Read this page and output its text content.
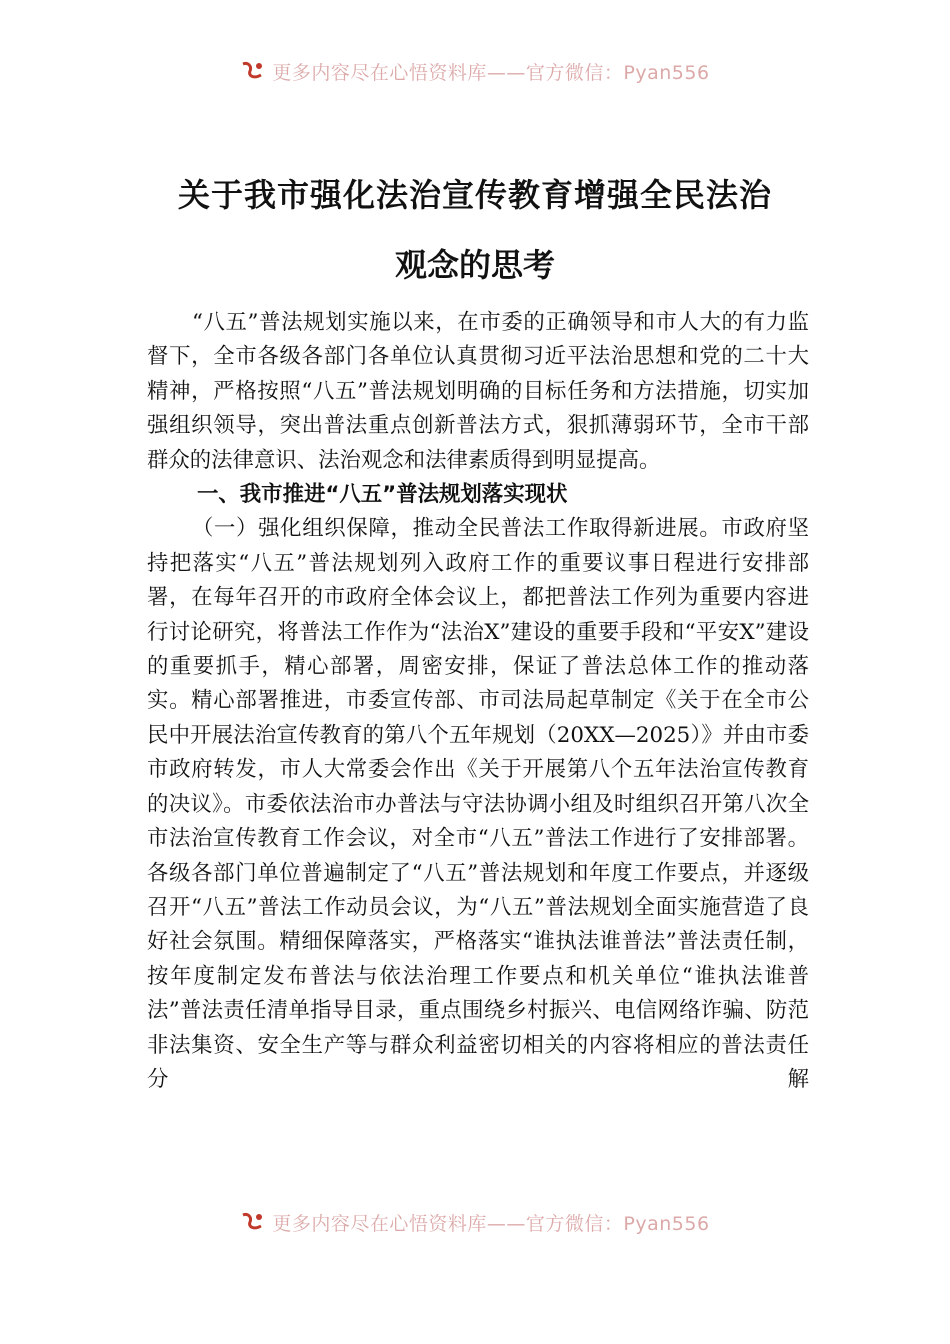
更多内容尽在心悟资料库——官方微信：Pyan556
关于我市强化法治宣传教育增强全民法治
观念的思考

“八五”普法规划实施以来，在市委的正确领导和市人大的有力监督下，全市各级各部门各单位认真贯彻习近平法治思想和党的二十大精神，严格按照“八五”普法规划明确的目标任务和方法措施，切实加强组织领导，突出普法重点创新普法方式，狠抓薄弱环节，全市干部群众的法律意识、法治观念和法律素质得到明显提高。

一、我市推进“八五”普法规划落实现状

（一）强化组织保障，推动全民普法工作取得新进展。市政府坚持把落实“八五”普法规划列入政府工作的重要议事日程进行安排部署，在每年召开的市政府全体会议上，都把普法工作列为重要内容进行讨论研究，将普法工作作为“法治X”建设的重要手段和“平安X”建设的重要抓手，精心部署，周密安排，保证了普法总体工作的推动落实。精心部署推进，市委宣传部、市司法局起草制定《关于在全市公民中开展法治宣传教育的第八个五年规划（20XX—2025）》并由市委市政府转发，市人大常委会作出《关于开展第八个五年法治宣传教育的决议》。市委依法治市办普法与守法协调小组及时组织召开第八次全市法治宣传教育工作会议，对全市“八五”普法工作进行了安排部署。各级各部门单位普遍制定了“八五”普法规划和年度工作要点，并逐级召开“八五”普法工作动员会议，为“八五”普法规划全面实施营造了良好社会氛围。精细保障落实，严格落实“谁执法谁普法”普法责任制，按年度制定发布普法与依法治理工作要点和机关单位“谁执法谁普法”普法责任清单指导目录，重点围绕乡村振兴、电信网络诈骗、防范非法集资、安全生产等与群众利益密切相关的内容将相应的普法责任分解

更多内容尽在心悟资料库——官方微信：Pyan556
